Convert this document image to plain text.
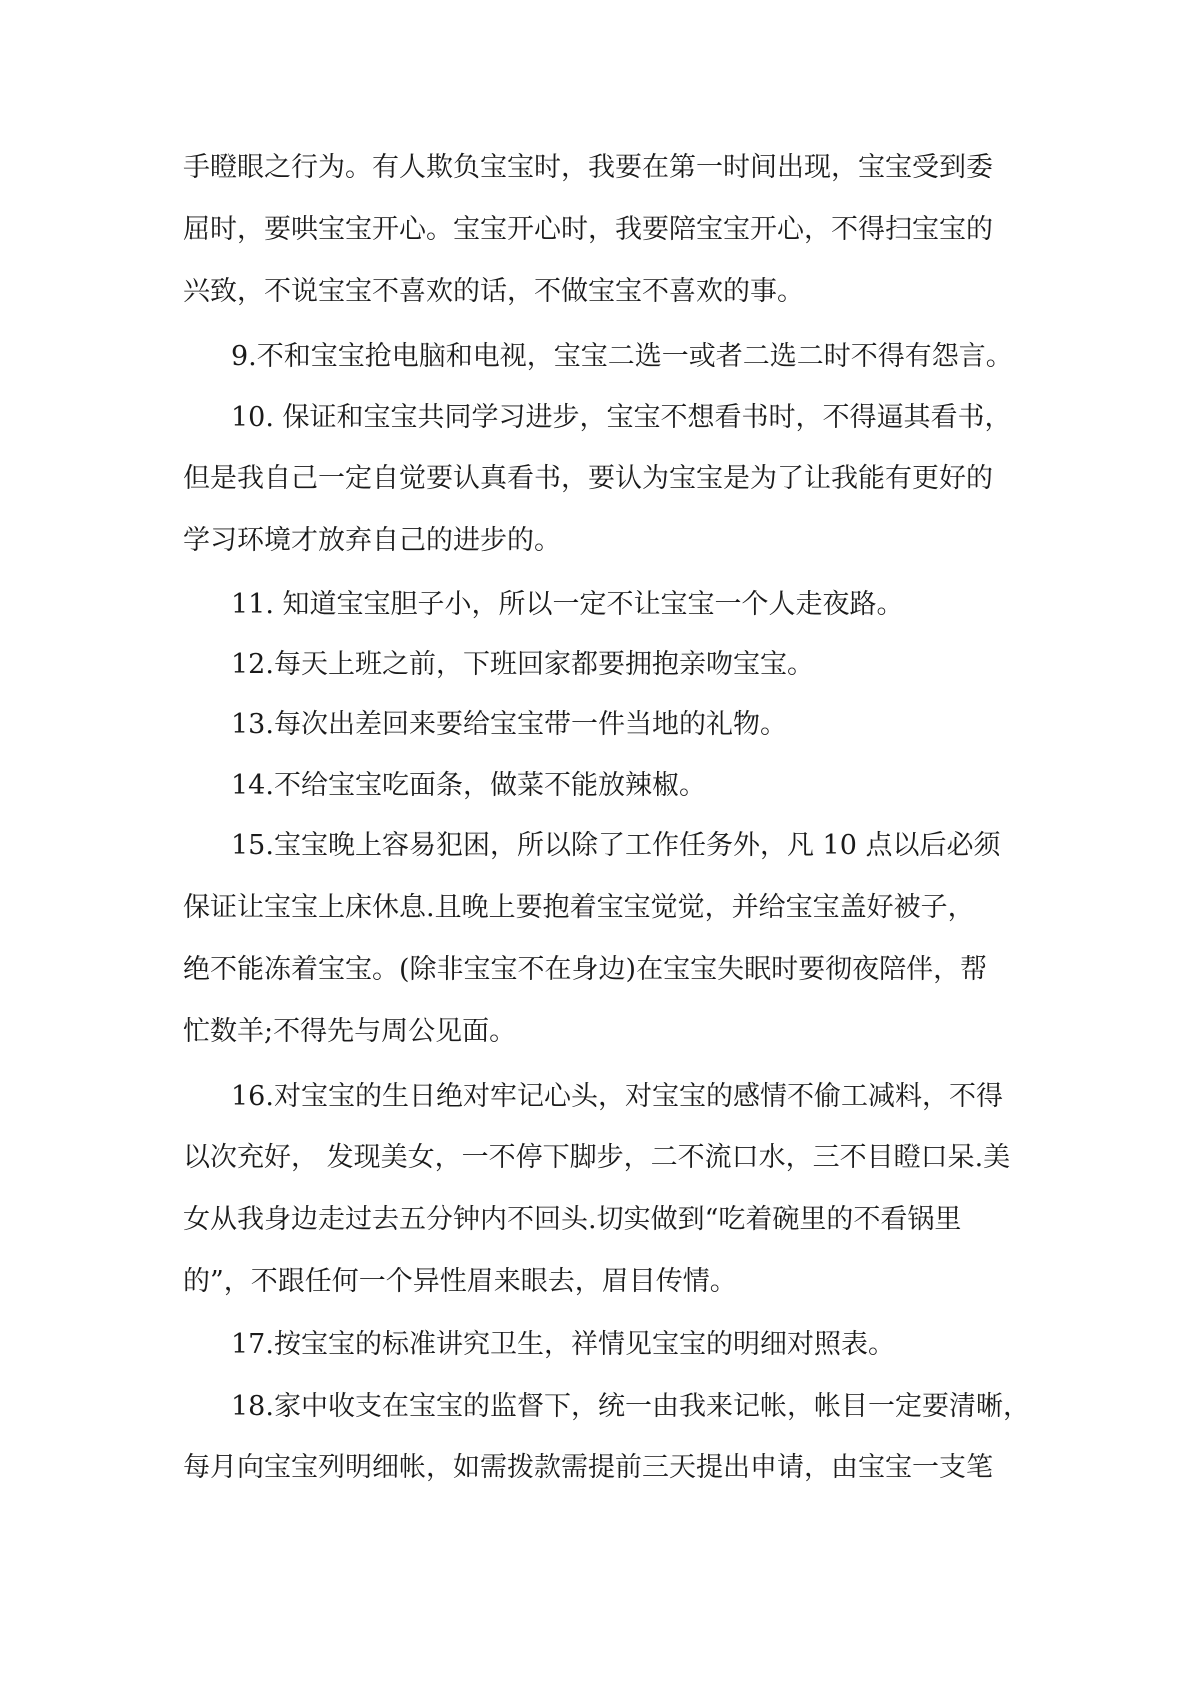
手瞪眼之行为。有人欺负宝宝时，我要在第一时间出现，宝宝受到委
屈时，要哄宝宝开心。宝宝开心时，我要陪宝宝开心，不得扫宝宝的
兴致，不说宝宝不喜欢的话，不做宝宝不喜欢的事。
9.不和宝宝抢电脑和电视，宝宝二选一或者二选二时不得有怨言。
10. 保证和宝宝共同学习进步，宝宝不想看书时，不得逼其看书，
但是我自己一定自觉要认真看书，要认为宝宝是为了让我能有更好的
学习环境才放弃自己的进步的。
11. 知道宝宝胆子小，所以一定不让宝宝一个人走夜路。
12.每天上班之前，下班回家都要拥抱亲吻宝宝。
13.每次出差回来要给宝宝带一件当地的礼物。
14.不给宝宝吃面条，做菜不能放辣椒。
15.宝宝晚上容易犯困，所以除了工作任务外，凡 10 点以后必须
保证让宝宝上床休息.且晚上要抱着宝宝觉觉，并给宝宝盖好被子，
绝不能冻着宝宝。(除非宝宝不在身边)在宝宝失眠时要彻夜陪伴，帮
忙数羊;不得先与周公见面。
16.对宝宝的生日绝对牢记心头，对宝宝的感情不偷工减料，不得
以次充好， 发现美女，一不停下脚步，二不流口水，三不目瞪口呆.美
女从我身边走过去五分钟内不回头.切实做到“吃着碗里的不看锅里
的”，不跟任何一个异性眉来眼去，眉目传情。
17.按宝宝的标准讲究卫生，祥情见宝宝的明细对照表。
18.家中收支在宝宝的监督下，统一由我来记帐，帐目一定要清晰，
每月向宝宝列明细帐，如需拨款需提前三天提出申请，由宝宝一支笔
